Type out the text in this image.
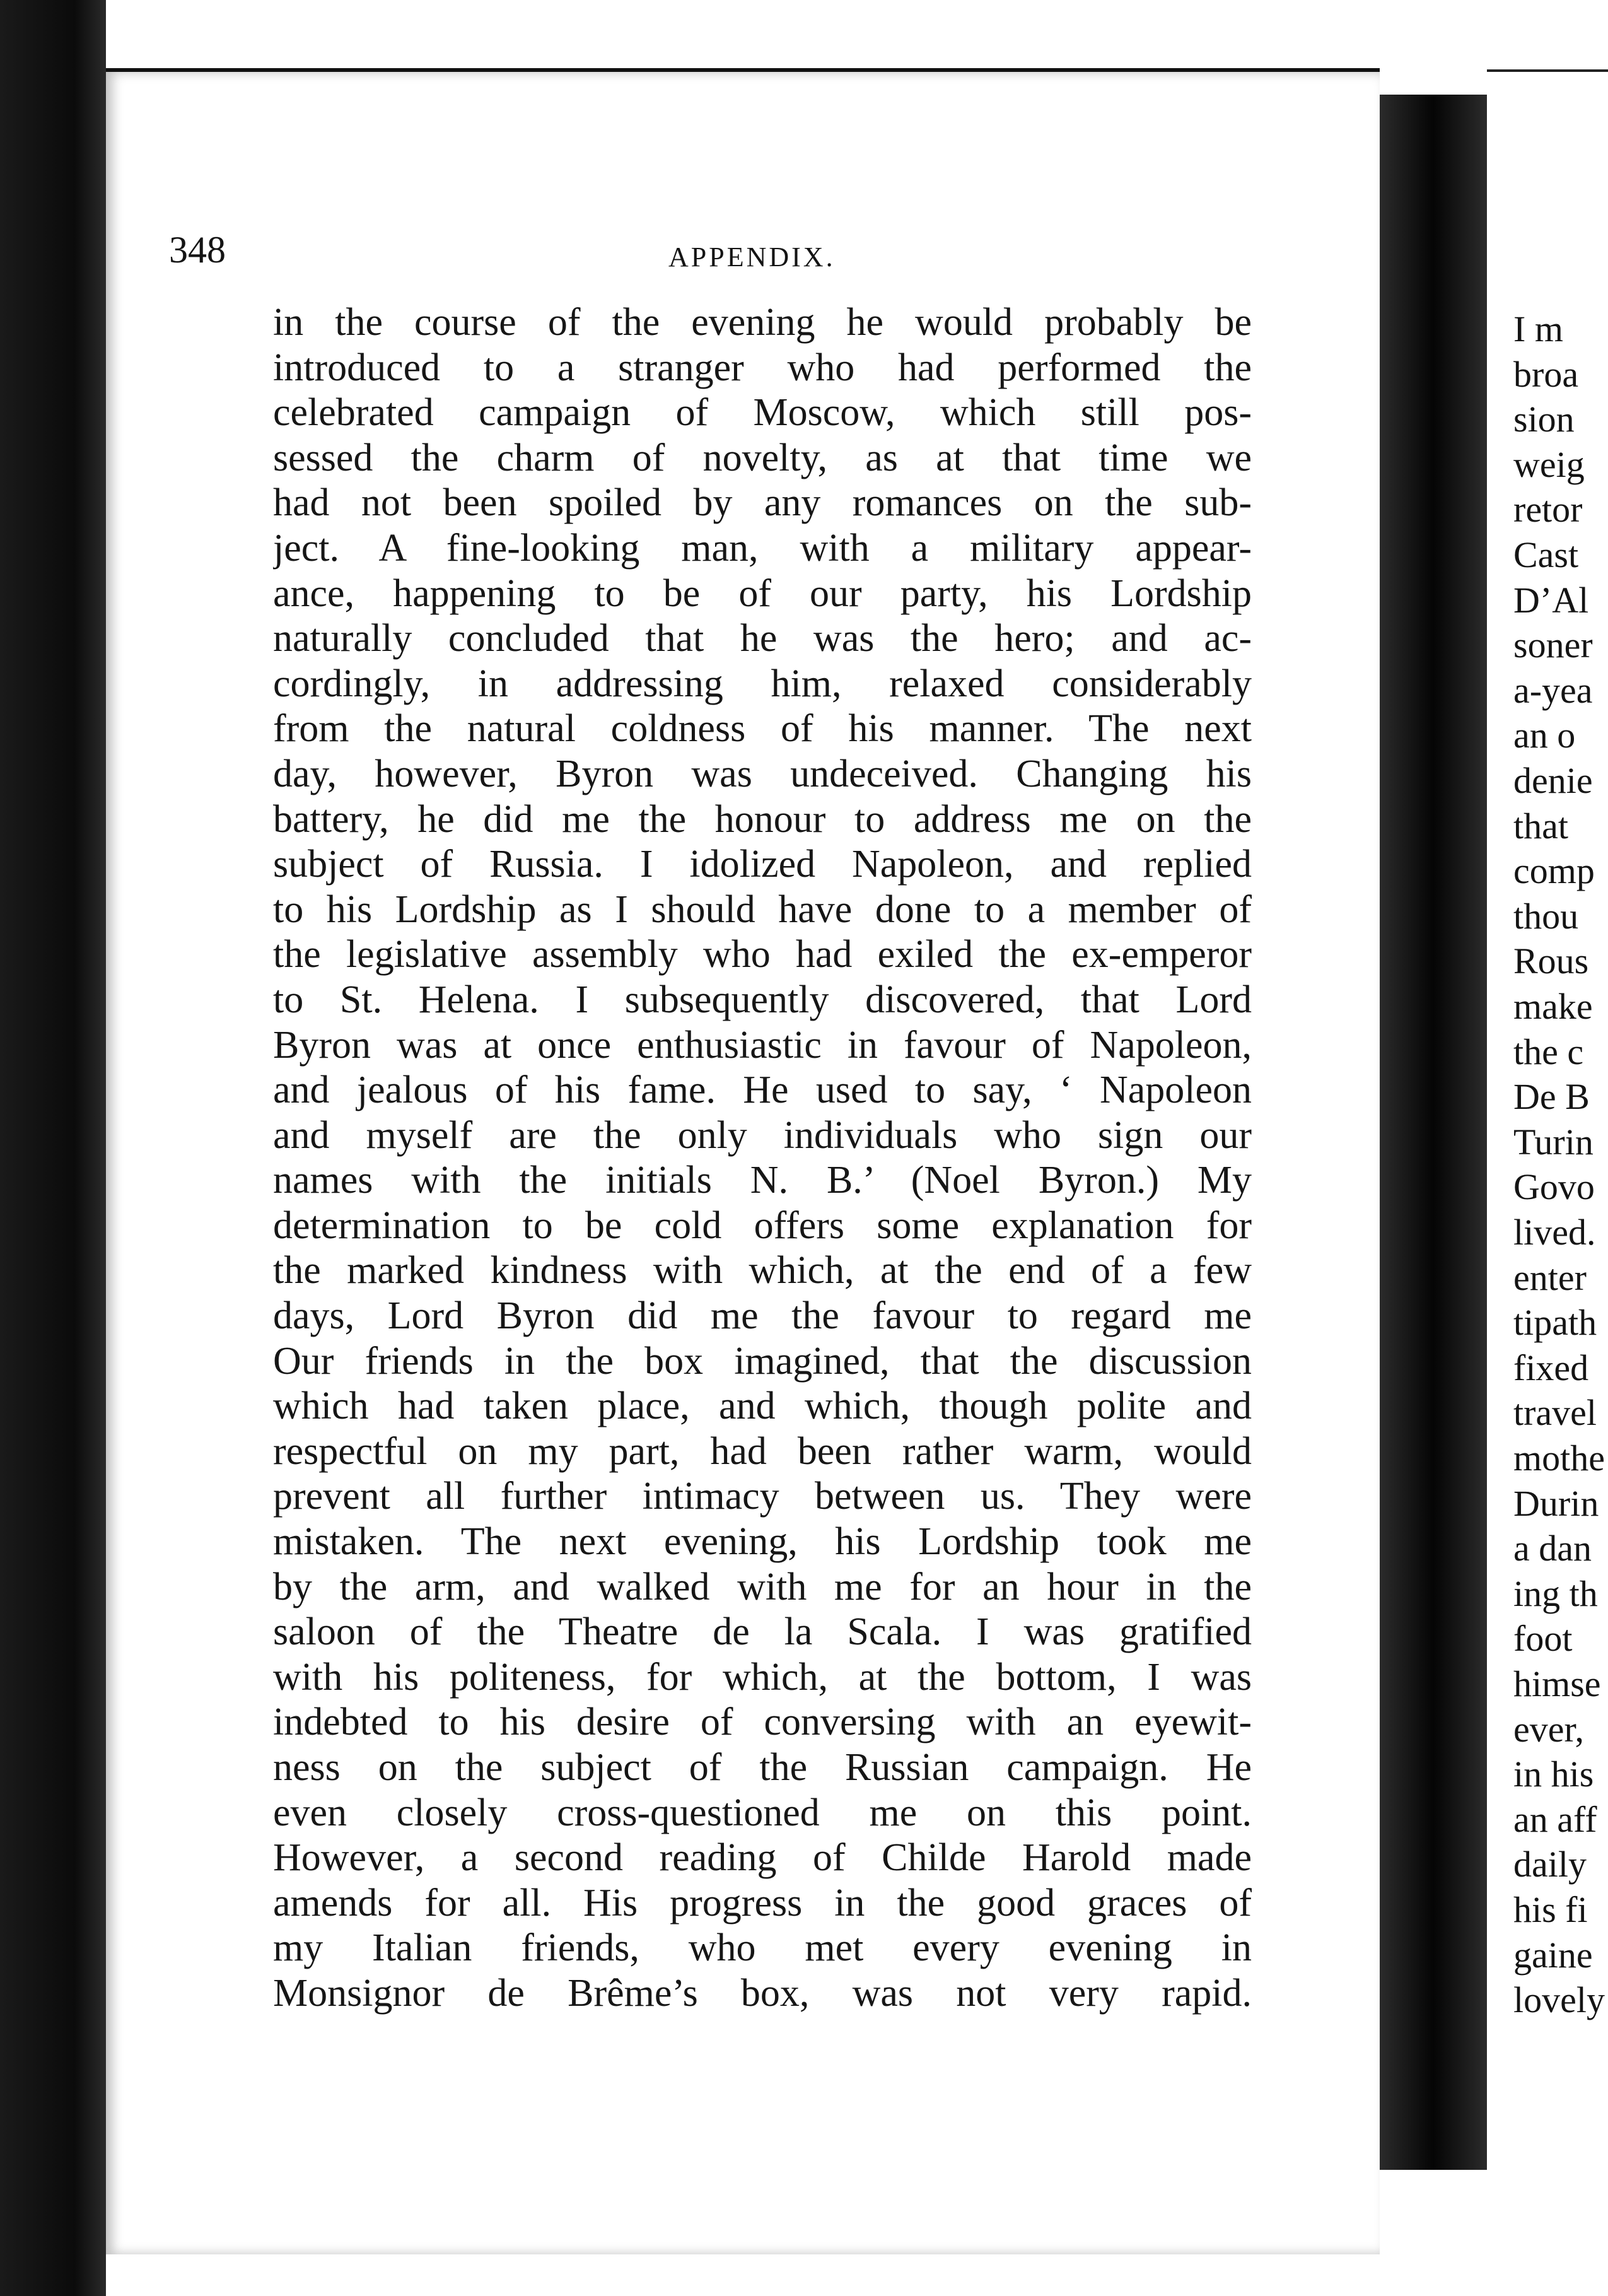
348	APPENDIX.
in the course of the evening he would probably be
introduced to a stranger who had performed the
celebrated campaign of Moscow, which still pos-
sessed the charm of novelty, as at that time we
had not been spoiled by any romances on the sub-
ject. A fine-looking man, with a military appear-
ance, happening to be of our party, his Lordship
naturally concluded that he was the hero; and ac-
cordingly, in addressing him, relaxed considerably
from the natural coldness of his manner. The next
day, however, Byron was undeceived. Changing his
battery, he did me the honour to address me on the
subject of Russia. I idolized Napoleon, and replied
to his Lordship as I should have done to a member of
the legislative assembly who had exiled the ex-emperor
to St. Helena. I subsequently discovered, that Lord
Byron was at once enthusiastic in favour of Napoleon,
and jealous of his fame. He used to say, ‘ Napoleon
and myself are the only individuals who sign our
names with the initials N. B.’ (Noel Byron.) My
determination to be cold offers some explanation for
the marked kindness with which, at the end of a few
days, Lord Byron did me the favour to regard me
Our friends in the box imagined, that the discussion
which had taken place, and which, though polite and
respectful on my part, had been rather warm, would
prevent all further intimacy between us. They were
mistaken. The next evening, his Lordship took me
by the arm, and walked with me for an hour in the
saloon of the Theatre de la Scala. I was gratified
with his politeness, for which, at the bottom, I was
indebted to his desire of conversing with an eyewit-
ness on the subject of the Russian campaign. He
even closely cross-questioned me on this point.
However, a second reading of Childe Harold made
amends for all. His progress in the good graces of
my Italian friends, who met every evening in
Monsignor de Brême’s box, was not very rapid.
I m
broa
sion
weig
retor
Cast
D’Al
soner
a-yea
an o
denie
that
comp
thou
Rous
make
the c
De B
Turin
Govo
lived.
enter
tipath
fixed
travel
mothe
Durin
a dan
ing th
foot
himse
ever,
in his
an aff
daily
his fi
gaine
lovely
